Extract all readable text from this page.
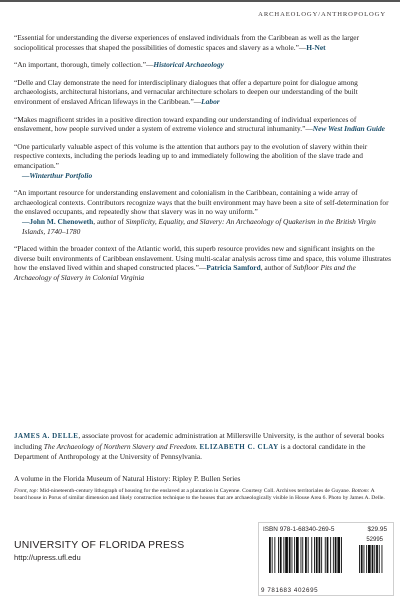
ARCHAEOLOGY/ANTHROPOLOGY
“Essential for understanding the diverse experiences of enslaved individuals from the Caribbean as well as the larger sociopolitical processes that shaped the possibilities of domestic spaces and slavery as a whole.”—H-Net
“An important, thorough, timely collection.”—Historical Archaeology
“Delle and Clay demonstrate the need for interdisciplinary dialogues that offer a departure point for dialogue among archaeologists, architectural historians, and vernacular architecture scholars to deepen our understanding of the built environment of enslaved African lifeways in the Caribbean.”—Labor
“Makes magnificent strides in a positive direction toward expanding our understanding of individual experiences of enslavement, how people survived under a system of extreme violence and structural inhumanity.”—New West Indian Guide
“One particularly valuable aspect of this volume is the attention that authors pay to the evolution of slavery within their respective contexts, including the periods leading up to and immediately following the abolition of the slave trade and emancipation.”
—Winterthur Portfolio
“An important resource for understanding enslavement and colonialism in the Caribbean, containing a wide array of archaeological contexts. Contributors recognize ways that the built environment may have been a site of self-determination for the enslaved occupants, and repeatedly show that slavery was in no way uniform.”
—John M. Chenoweth, author of Simplicity, Equality, and Slavery: An Archaeology of Quakerism in the British Virgin Islands, 1740–1780
“Placed within the broader context of the Atlantic world, this superb resource provides new and significant insights on the diverse built environments of Caribbean enslavement. Using multi-scalar analysis across time and space, this volume illustrates how the enslaved lived within and shaped constructed places.”—Patricia Samford, author of Subfloor Pits and the Archaeology of Slavery in Colonial Virginia
JAMES A. DELLE, associate provost for academic administration at Millersville University, is the author of several books including The Archaeology of Northern Slavery and Freedom. ELIZABETH C. CLAY is a doctoral candidate in the Department of Anthropology at the University of Pennsylvania.
A volume in the Florida Museum of Natural History: Ripley P. Bullen Series
Front, top: Mid-nineteenth-century lithograph of housing for the enslaved at a plantation in Cayenne. Courtesy Coll. Archives territoriales de Guyane. Bottom: A board house in Porus of similar dimension and likely construction technique to the houses that are archaeologically visible in House Area 6. Photo by James A. Delle.
UNIVERSITY OF FLORIDA PRESS
http://upress.ufl.edu
ISBN 978-1-68340-269-5	$29.95
52995
9 781683 402695
